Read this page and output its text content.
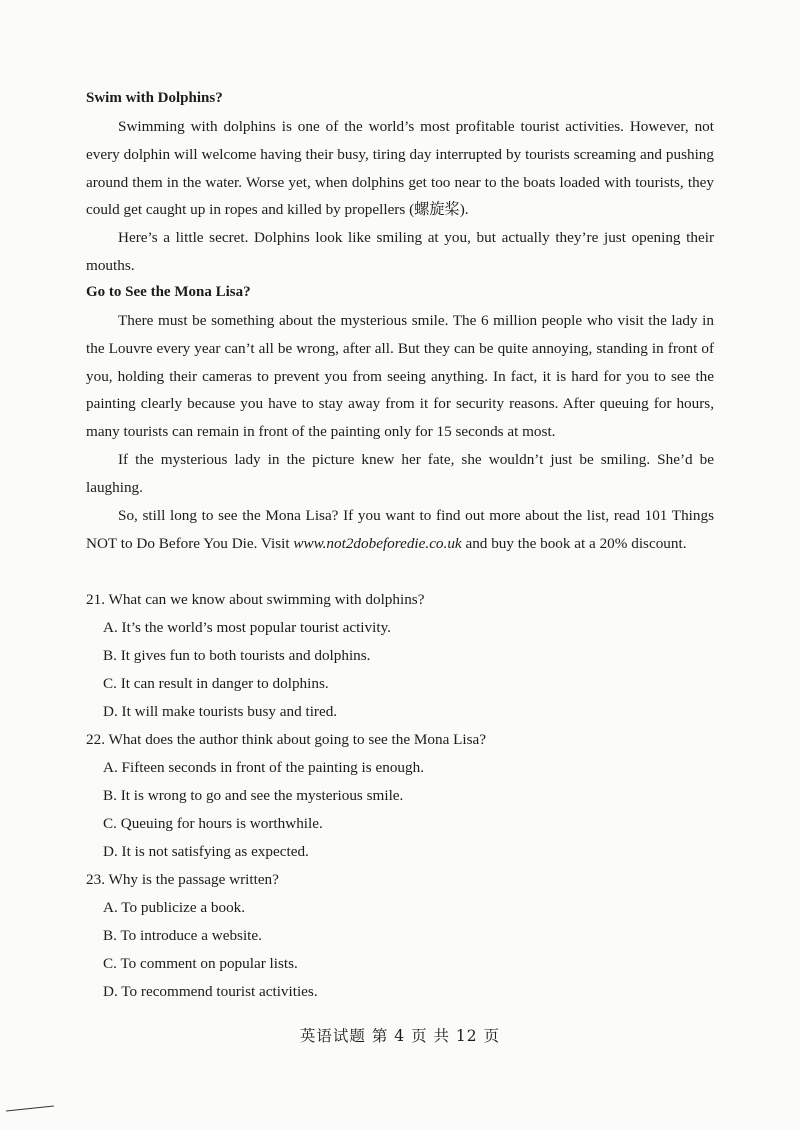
Swim with Dolphins?

Swimming with dolphins is one of the world’s most profitable tourist activities. However, not every dolphin will welcome having their busy, tiring day interrupted by tourists screaming and pushing around them in the water. Worse yet, when dolphins get too near to the boats loaded with tourists, they could get caught up in ropes and killed by propellers (螺旋桨).

Here’s a little secret. Dolphins look like smiling at you, but actually they’re just opening their mouths.

Go to See the Mona Lisa?

There must be something about the mysterious smile. The 6 million people who visit the lady in the Louvre every year can’t all be wrong, after all. But they can be quite annoying, standing in front of you, holding their cameras to prevent you from seeing anything. In fact, it is hard for you to see the painting clearly because you have to stay away from it for security reasons. After queuing for hours, many tourists can remain in front of the painting only for 15 seconds at most.

If the mysterious lady in the picture knew her fate, she wouldn’t just be smiling. She’d be laughing.

So, still long to see the Mona Lisa? If you want to find out more about the list, read 101 Things NOT to Do Before You Die. Visit www.not2dobeforedie.co.uk and buy the book at a 20% discount.

21. What can we know about swimming with dolphins?
A. It’s the world’s most popular tourist activity.
B. It gives fun to both tourists and dolphins.
C. It can result in danger to dolphins.
D. It will make tourists busy and tired.
22. What does the author think about going to see the Mona Lisa?
A. Fifteen seconds in front of the painting is enough.
B. It is wrong to go and see the mysterious smile.
C. Queuing for hours is worthwhile.
D. It is not satisfying as expected.
23. Why is the passage written?
A. To publicize a book.
B. To introduce a website.
C. To comment on popular lists.
D. To recommend tourist activities.
英语试题 第 4 页 共 12 页
